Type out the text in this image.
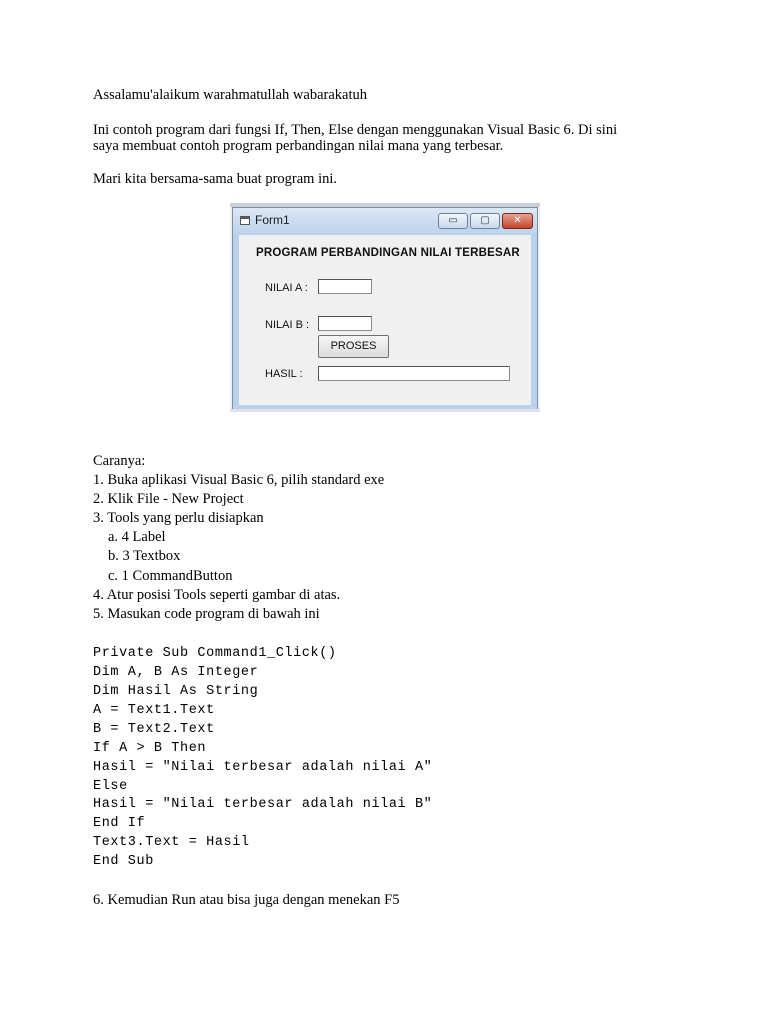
Assalamu'alaikum warahmatullah wabarakatuh
Ini contoh program dari fungsi If, Then, Else dengan menggunakan Visual Basic 6. Di sini
saya membuat contoh program perbandingan nilai mana yang terbesar.
Mari kita bersama-sama buat program ini.
Form1	▭	▢	✕
PROGRAM PERBANDINGAN NILAI TERBESAR
NILAI A :
NILAI B :
PROSES
HASIL :
Caranya:
1. Buka aplikasi Visual Basic 6, pilih standard exe
2. Klik File - New Project
3. Tools yang perlu disiapkan
a. 4 Label
b. 3 Textbox
c. 1 CommandButton
4. Atur posisi Tools seperti gambar di atas.
5. Masukan code program di bawah ini
Private Sub Command1_Click()
Dim A, B As Integer
Dim Hasil As String
A = Text1.Text
B = Text2.Text
If A > B Then
Hasil = "Nilai terbesar adalah nilai A"
Else
Hasil = "Nilai terbesar adalah nilai B"
End If
Text3.Text = Hasil
End Sub
6. Kemudian Run atau bisa juga dengan menekan F5
